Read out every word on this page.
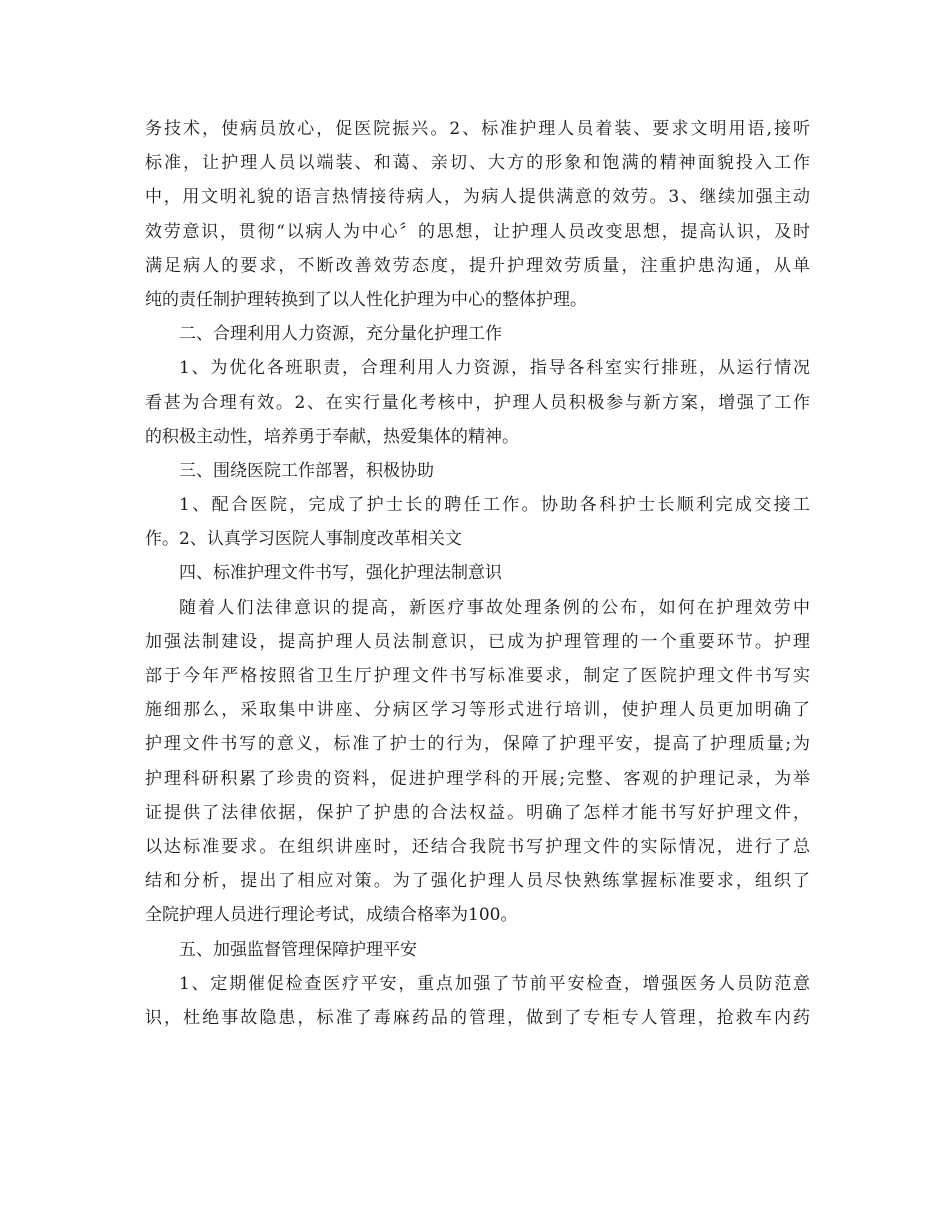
务技术，使病员放心，促医院振兴。2、标准护理人员着装、要求文明用语,接听
标准，让护理人员以端装、和蔼、亲切、大方的形象和饱满的精神面貌投入工作
中，用文明礼貌的语言热情接待病人，为病人提供满意的效劳。3、继续加强主动
效劳意识，贯彻“以病人为中心〞的思想，让护理人员改变思想，提高认识，及时
满足病人的要求，不断改善效劳态度，提升护理效劳质量，注重护患沟通，从单
纯的责任制护理转换到了以人性化护理为中心的整体护理。
二、合理利用人力资源，充分量化护理工作
1、为优化各班职责，合理利用人力资源，指导各科室实行排班，从运行情况
看甚为合理有效。2、在实行量化考核中，护理人员积极参与新方案，增强了工作
的积极主动性，培养勇于奉献，热爱集体的精神。
三、围绕医院工作部署，积极协助
1、配合医院，完成了护士长的聘任工作。协助各科护士长顺利完成交接工
作。2、认真学习医院人事制度改革相关文
四、标准护理文件书写，强化护理法制意识
随着人们法律意识的提高，新医疗事故处理条例的公布，如何在护理效劳中
加强法制建设，提高护理人员法制意识，已成为护理管理的一个重要环节。护理
部于今年严格按照省卫生厅护理文件书写标准要求，制定了医院护理文件书写实
施细那么，采取集中讲座、分病区学习等形式进行培训，使护理人员更加明确了
护理文件书写的意义，标准了护士的行为，保障了护理平安，提高了护理质量;为
护理科研积累了珍贵的资料，促进护理学科的开展;完整、客观的护理记录，为举
证提供了法律依据，保护了护患的合法权益。明确了怎样才能书写好护理文件，
以达标准要求。在组织讲座时，还结合我院书写护理文件的实际情况，进行了总
结和分析，提出了相应对策。为了强化护理人员尽快熟练掌握标准要求，组织了
全院护理人员进行理论考试，成绩合格率为100。
五、加强监督管理保障护理平安
1、定期催促检查医疗平安，重点加强了节前平安检查，增强医务人员防范意
识，杜绝事故隐患，标准了毒麻药品的管理，做到了专柜专人管理，抢救车内药
